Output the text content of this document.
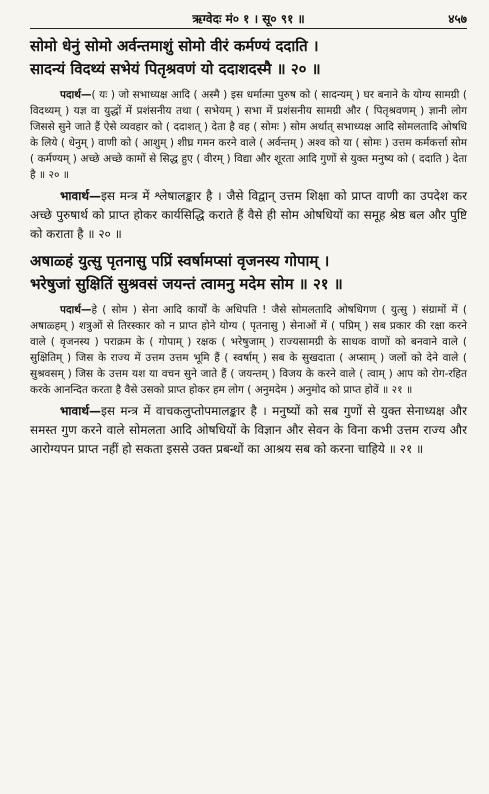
ऋग्वेदः मं० १ । सू० ९१ ॥	४५७
सोमो धेनुं सोमो अर्वन्तमाशुं सोमो वीरं कर्मण्यं ददाति ।
सादन्यं विदथ्यं सभेयं पितृश्रवणं यो ददाशदस्मै ॥ २० ॥

पदार्थ—( यः ) जो सभाध्यक्ष आदि ( अस्मै ) इस धर्मात्मा पुरुष को ( सादन्यम् ) घर बनाने के योग्य सामग्री ( विदथ्यम् ) यज्ञ वा युद्धों में प्रशंसनीय तथा ( सभेयम् ) सभा में प्रशंसनीय सामग्री और ( पितृश्रवणम् ) ज्ञानी लोग जिससे सुने जाते हैं ऐसे व्यवहार को ( ददाशत् ) देता है वह ( सोमः ) सोम अर्थात् सभाध्यक्ष आदि सोमलतादि ओषधि के लिये ( धेनुम् ) वाणी को ( आशुम् ) शीघ्र गमन करने वाले ( अर्वन्तम् ) अश्व को या ( सोमः ) उत्तम कर्मकर्त्ता सोम ( कर्मण्यम् ) अच्छे अच्छे कामों से सिद्ध हुए ( वीरम् ) विद्या और शूरता आदि गुणों से युक्त मनुष्य को ( ददाति ) देता है ॥ २० ॥

भावार्थ—इस मन्त्र में श्लेषालङ्कार है । जैसे विद्वान् उत्तम शिक्षा को प्राप्त वाणी का उपदेश कर अच्छे पुरुषार्थ को प्राप्त होकर कार्यसिद्धि कराते हैं वैसे ही सोम ओषधियों का समूह श्रेष्ठ बल और पुष्टि को कराता है ॥ २० ॥

अषाळ्हं युत्सु पृतनासु पप्रिं स्वर्षामप्सां वृजनस्य गोपाम् ।
भरेषुजां सुक्षितिं सुश्रवसं जयन्तं त्वामनु मदेम सोम ॥ २१ ॥

पदार्थ—हे ( सोम ) सेना आदि कार्यों के अधिपति ! जैसे सोमलतादि ओषधिगण ( युत्सु ) संग्रामों में ( अषाळ्हम् ) शत्रुओं से तिरस्कार को न प्राप्त होने योग्य ( पृतनासु ) सेनाओं में ( पप्रिम् ) सब प्रकार की रक्षा करने वाले ( वृजनस्य ) पराक्रम के ( गोपाम् ) रक्षक ( भरेषुजाम् ) राज्यसामग्री के साधक वाणों को बनवाने वाले ( सुक्षितिम् ) जिस के राज्य में उत्तम उत्तम भूमि हैं ( स्वर्षाम् ) सब के सुखदाता ( अप्साम् ) जलों को देने वाले ( सुश्रवसम् ) जिस के उत्तम यश या वचन सुने जाते हैं ( जयन्तम् ) विजय के करने वाले ( त्वाम् ) आप को रोग-रहित करके आनन्दित करता है वैसे उसको प्राप्त होकर हम लोग ( अनुमदेम ) अनुमोद को प्राप्त होवें ॥ २१ ॥

भावार्थ—इस मन्त्र में वाचकलुप्तोपमालङ्कार है । मनुष्यों को सब गुणों से युक्त सेनाध्यक्ष और समस्त गुण करने वाले सोमलता आदि ओषधियों के विज्ञान और सेवन के विना कभी उत्तम राज्य और आरोग्यपन प्राप्त नहीं हो सकता इससे उक्त प्रबन्धों का आश्रय सब को करना चाहिये ॥ २१ ॥
